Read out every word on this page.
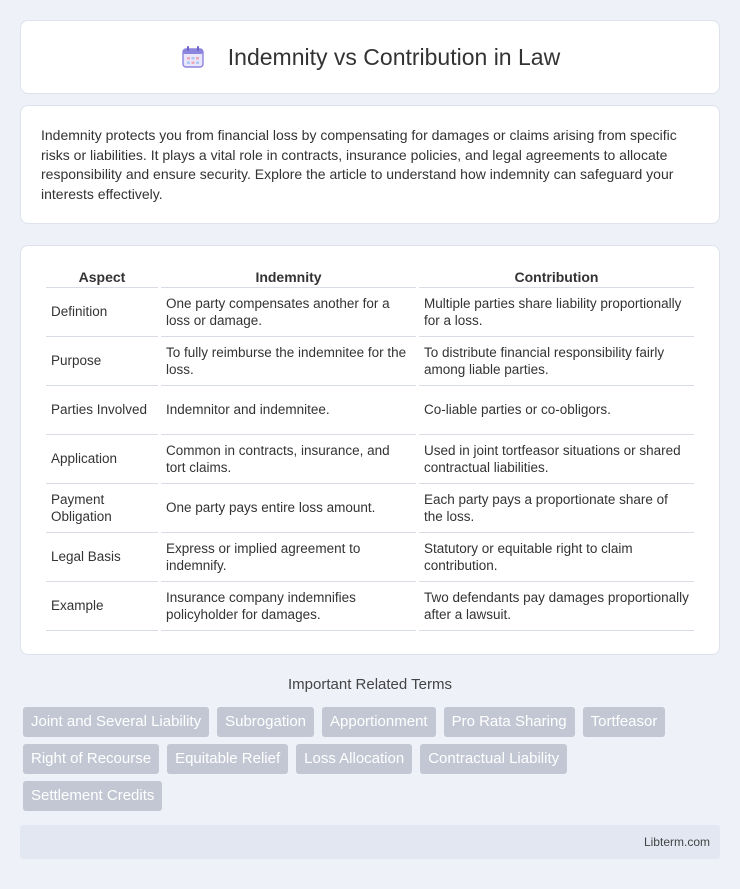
Indemnity vs Contribution in Law

Indemnity protects you from financial loss by compensating for damages or claims arising from specific risks or liabilities. It plays a vital role in contracts, insurance policies, and legal agreements to allocate responsibility and ensure security. Explore the article to understand how indemnity can safeguard your interests effectively.

Aspect	Indemnity	Contribution
Definition	One party compensates another for a loss or damage.	Multiple parties share liability proportionally for a loss.
Purpose	To fully reimburse the indemnitee for the loss.	To distribute financial responsibility fairly among liable parties.
Parties Involved	Indemnitor and indemnitee.	Co-liable parties or co-obligors.
Application	Common in contracts, insurance, and tort claims.	Used in joint tortfeasor situations or shared contractual liabilities.
Payment Obligation	One party pays entire loss amount.	Each party pays a proportionate share of the loss.
Legal Basis	Express or implied agreement to indemnify.	Statutory or equitable right to claim contribution.
Example	Insurance company indemnifies policyholder for damages.	Two defendants pay damages proportionally after a lawsuit.
Important Related Terms
Joint and Several Liability	Subrogation	Apportionment	Pro Rata Sharing	Tortfeasor
Right of Recourse	Equitable Relief	Loss Allocation	Contractual Liability
Settlement Credits
Libterm.com
